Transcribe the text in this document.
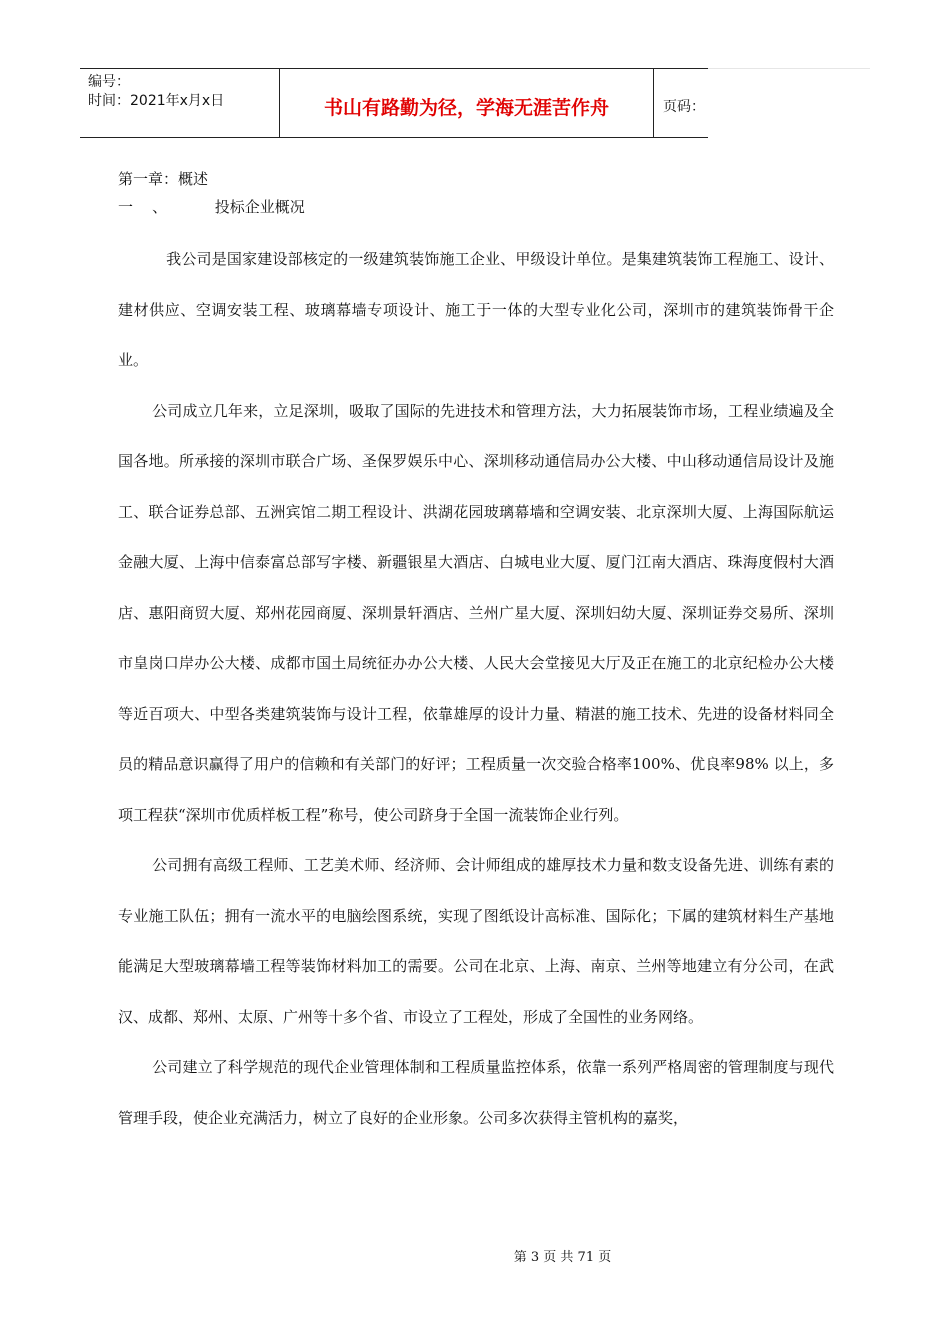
编号：
时间：2021年x月x日	书山有路勤为径，学海无涯苦作舟	页码：
第一章：概述
一    、          投标企业概况

我公司是国家建设部核定的一级建筑装饰施工企业、甲级设计单位。是集建筑装饰工程施工、设计、建材供应、空调安装工程、玻璃幕墙专项设计、施工于一体的大型专业化公司，深圳市的建筑装饰骨干企业。

公司成立几年来，立足深圳，吸取了国际的先进技术和管理方法，大力拓展装饰市场，工程业绩遍及全国各地。所承接的深圳市联合广场、圣保罗娱乐中心、深圳移动通信局办公大楼、中山移动通信局设计及施工、联合证券总部、五洲宾馆二期工程设计、洪湖花园玻璃幕墙和空调安装、北京深圳大厦、上海国际航运金融大厦、上海中信泰富总部写字楼、新疆银星大酒店、白城电业大厦、厦门江南大酒店、珠海度假村大酒店、惠阳商贸大厦、郑州花园商厦、深圳景轩酒店、兰州广星大厦、深圳妇幼大厦、深圳证券交易所、深圳市皇岗口岸办公大楼、成都市国土局统征办办公大楼、人民大会堂接见大厅及正在施工的北京纪检办公大楼等近百项大、中型各类建筑装饰与设计工程，依靠雄厚的设计力量、精湛的施工技术、先进的设备材料同全员的精品意识赢得了用户的信赖和有关部门的好评；工程质量一次交验合格率100%、优良率98% 以上，多项工程获“深圳市优质样板工程”称号，使公司跻身于全国一流装饰企业行列。

公司拥有高级工程师、工艺美术师、经济师、会计师组成的雄厚技术力量和数支设备先进、训练有素的专业施工队伍；拥有一流水平的电脑绘图系统，实现了图纸设计高标准、国际化；下属的建筑材料生产基地能满足大型玻璃幕墙工程等装饰材料加工的需要。公司在北京、上海、南京、兰州等地建立有分公司，在武汉、成都、郑州、太原、广州等十多个省、市设立了工程处，形成了全国性的业务网络。

公司建立了科学规范的现代企业管理体制和工程质量监控体系，依靠一系列严格周密的管理制度与现代管理手段，使企业充满活力，树立了良好的企业形象。公司多次获得主管机构的嘉奖，

第 3 页 共 71 页
